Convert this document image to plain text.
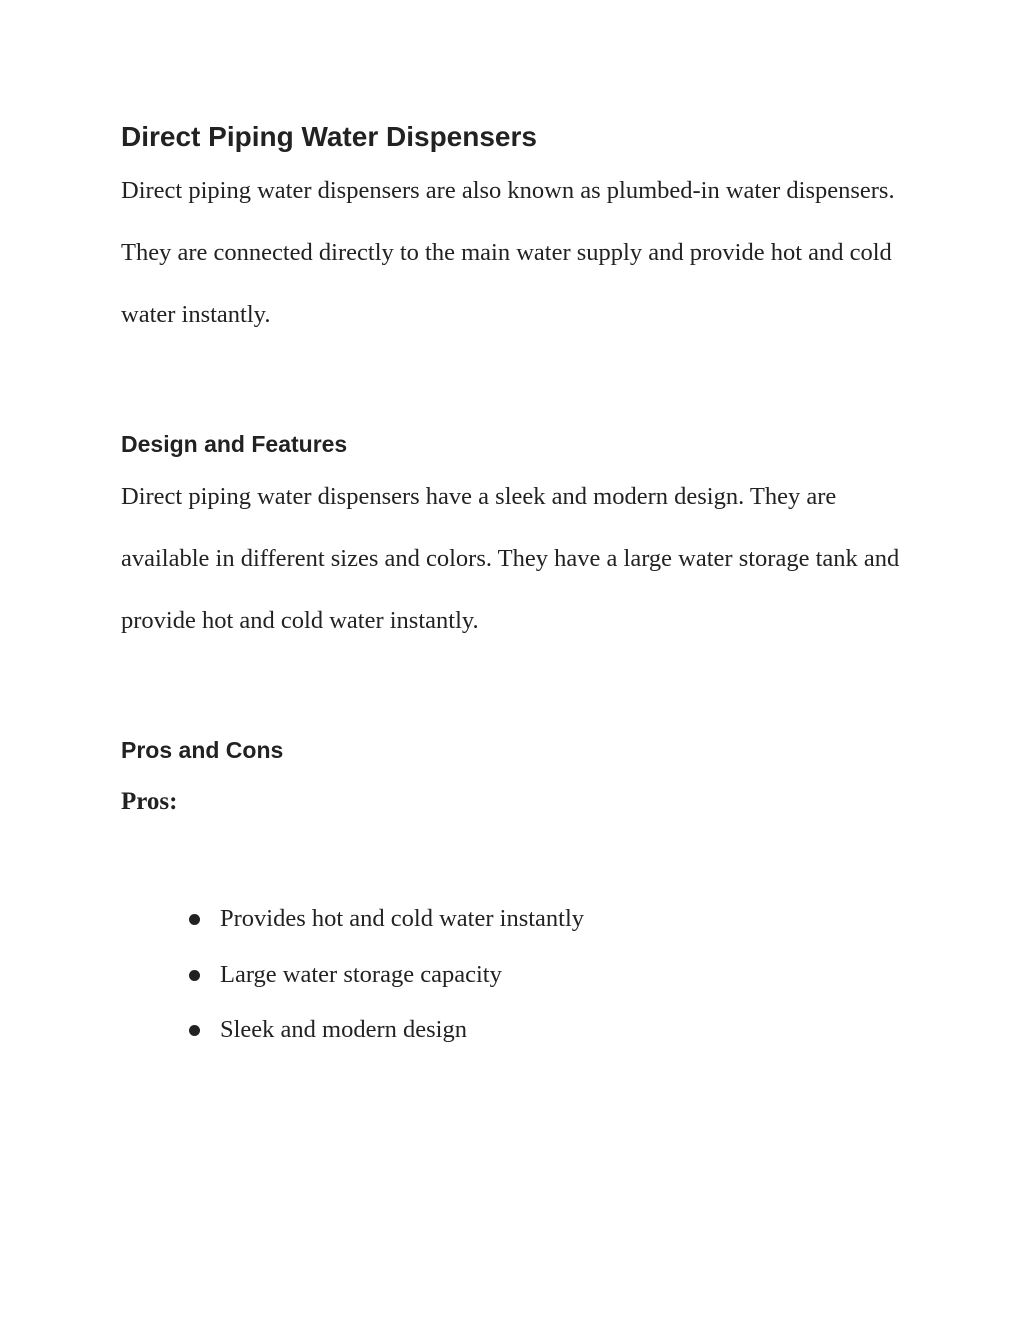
Direct Piping Water Dispensers

Direct piping water dispensers are also known as plumbed-in water dispensers. They are connected directly to the main water supply and provide hot and cold water instantly.

Design and Features

Direct piping water dispensers have a sleek and modern design. They are available in different sizes and colors. They have a large water storage tank and provide hot and cold water instantly.

Pros and Cons

Pros:

Provides hot and cold water instantly
Large water storage capacity
Sleek and modern design
